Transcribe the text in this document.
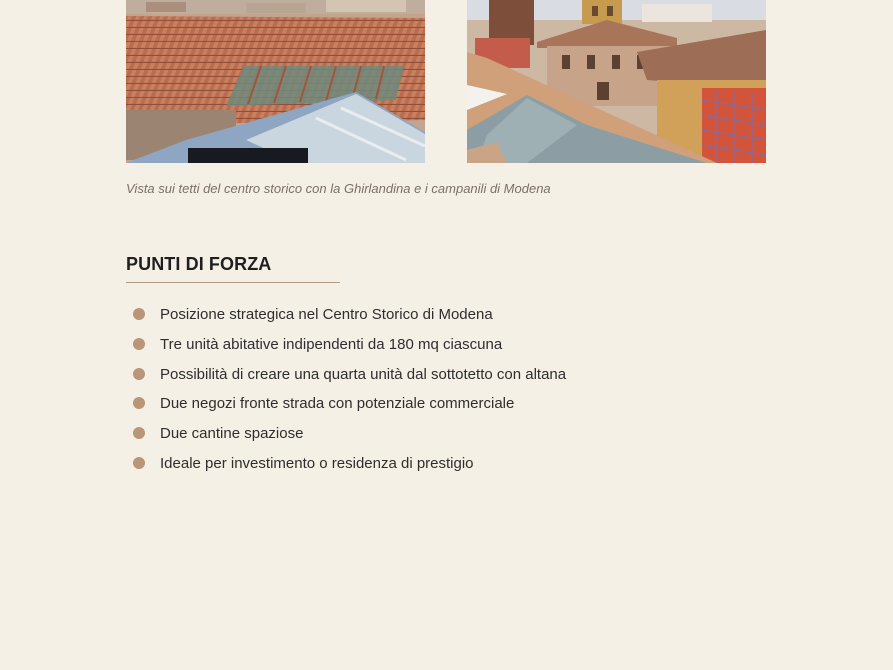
Vista sui tetti del centro storico con la Ghirlandina e i campanili di Modena

PUNTI DI FORZA
Posizione strategica nel Centro Storico di Modena
Tre unità abitative indipendenti da 180 mq ciascuna
Possibilità di creare una quarta unità dal sottotetto con altana
Due negozi fronte strada con potenziale commerciale
Due cantine spaziose
Ideale per investimento o residenza di prestigio
